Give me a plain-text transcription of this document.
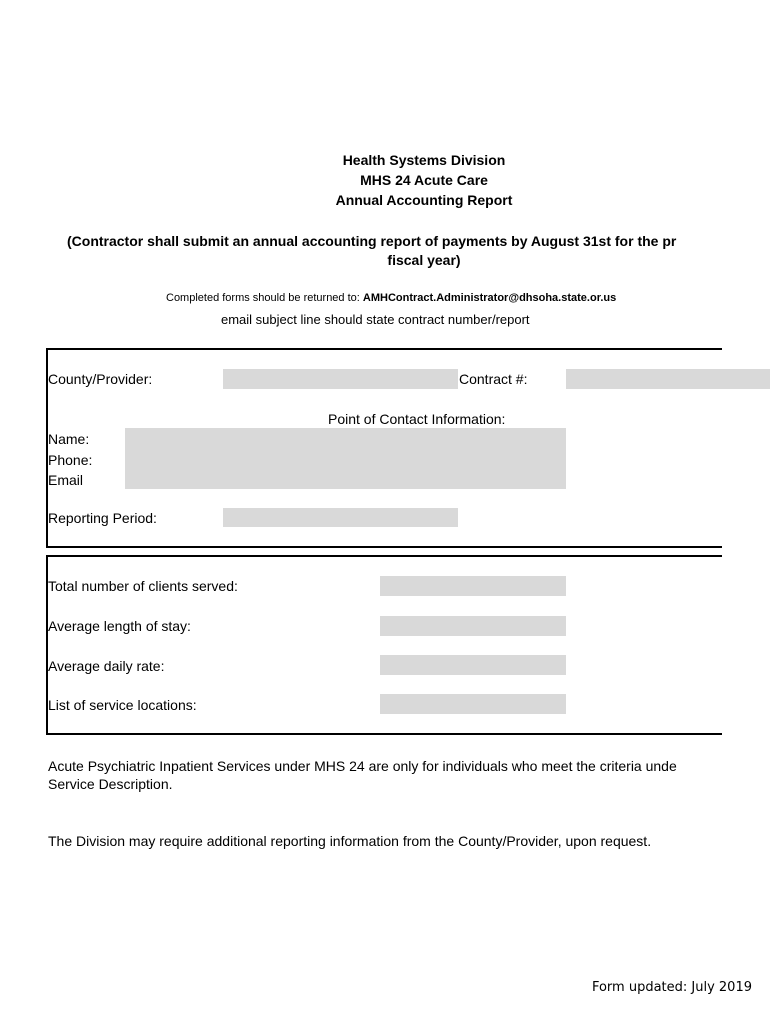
Health Systems Division
MHS 24 Acute Care
Annual Accounting Report
(Contractor shall submit an annual accounting report of payments by August 31st for the pr
fiscal year)
Completed forms should be returned to: AMHContract.Administrator@dhsoha.state.or.us
email subject line should state contract number/report
County/Provider:	Contract #:
Point of Contact Information:
Name:
Phone:
Email
Reporting Period:
Total number of clients served:
Average length of stay:
Average daily rate:
List of service locations:
Acute Psychiatric Inpatient Services under MHS 24 are only for individuals who meet the criteria unde
Service Description.
The Division may require additional reporting information from the County/Provider, upon request.
Form updated: July 2019
